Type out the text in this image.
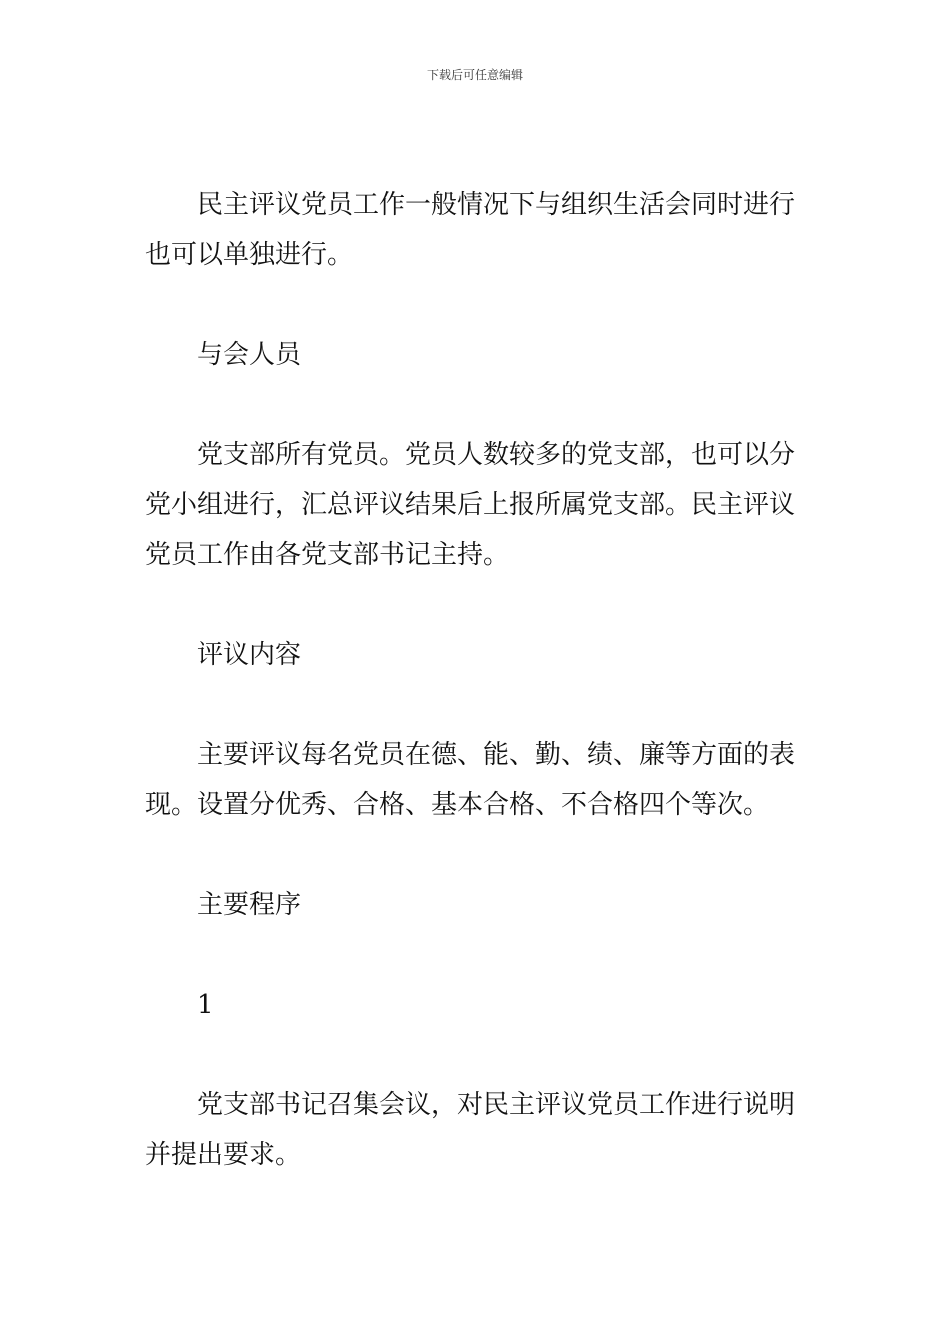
下载后可任意编辑

民主评议党员工作一般情况下与组织生活会同时进行也可以单独进行。

与会人员

党支部所有党员。党员人数较多的党支部，也可以分党小组进行，汇总评议结果后上报所属党支部。民主评议党员工作由各党支部书记主持。

评议内容

主要评议每名党员在德、能、勤、绩、廉等方面的表现。设置分优秀、合格、基本合格、不合格四个等次。

主要程序

1

党支部书记召集会议，对民主评议党员工作进行说明并提出要求。
